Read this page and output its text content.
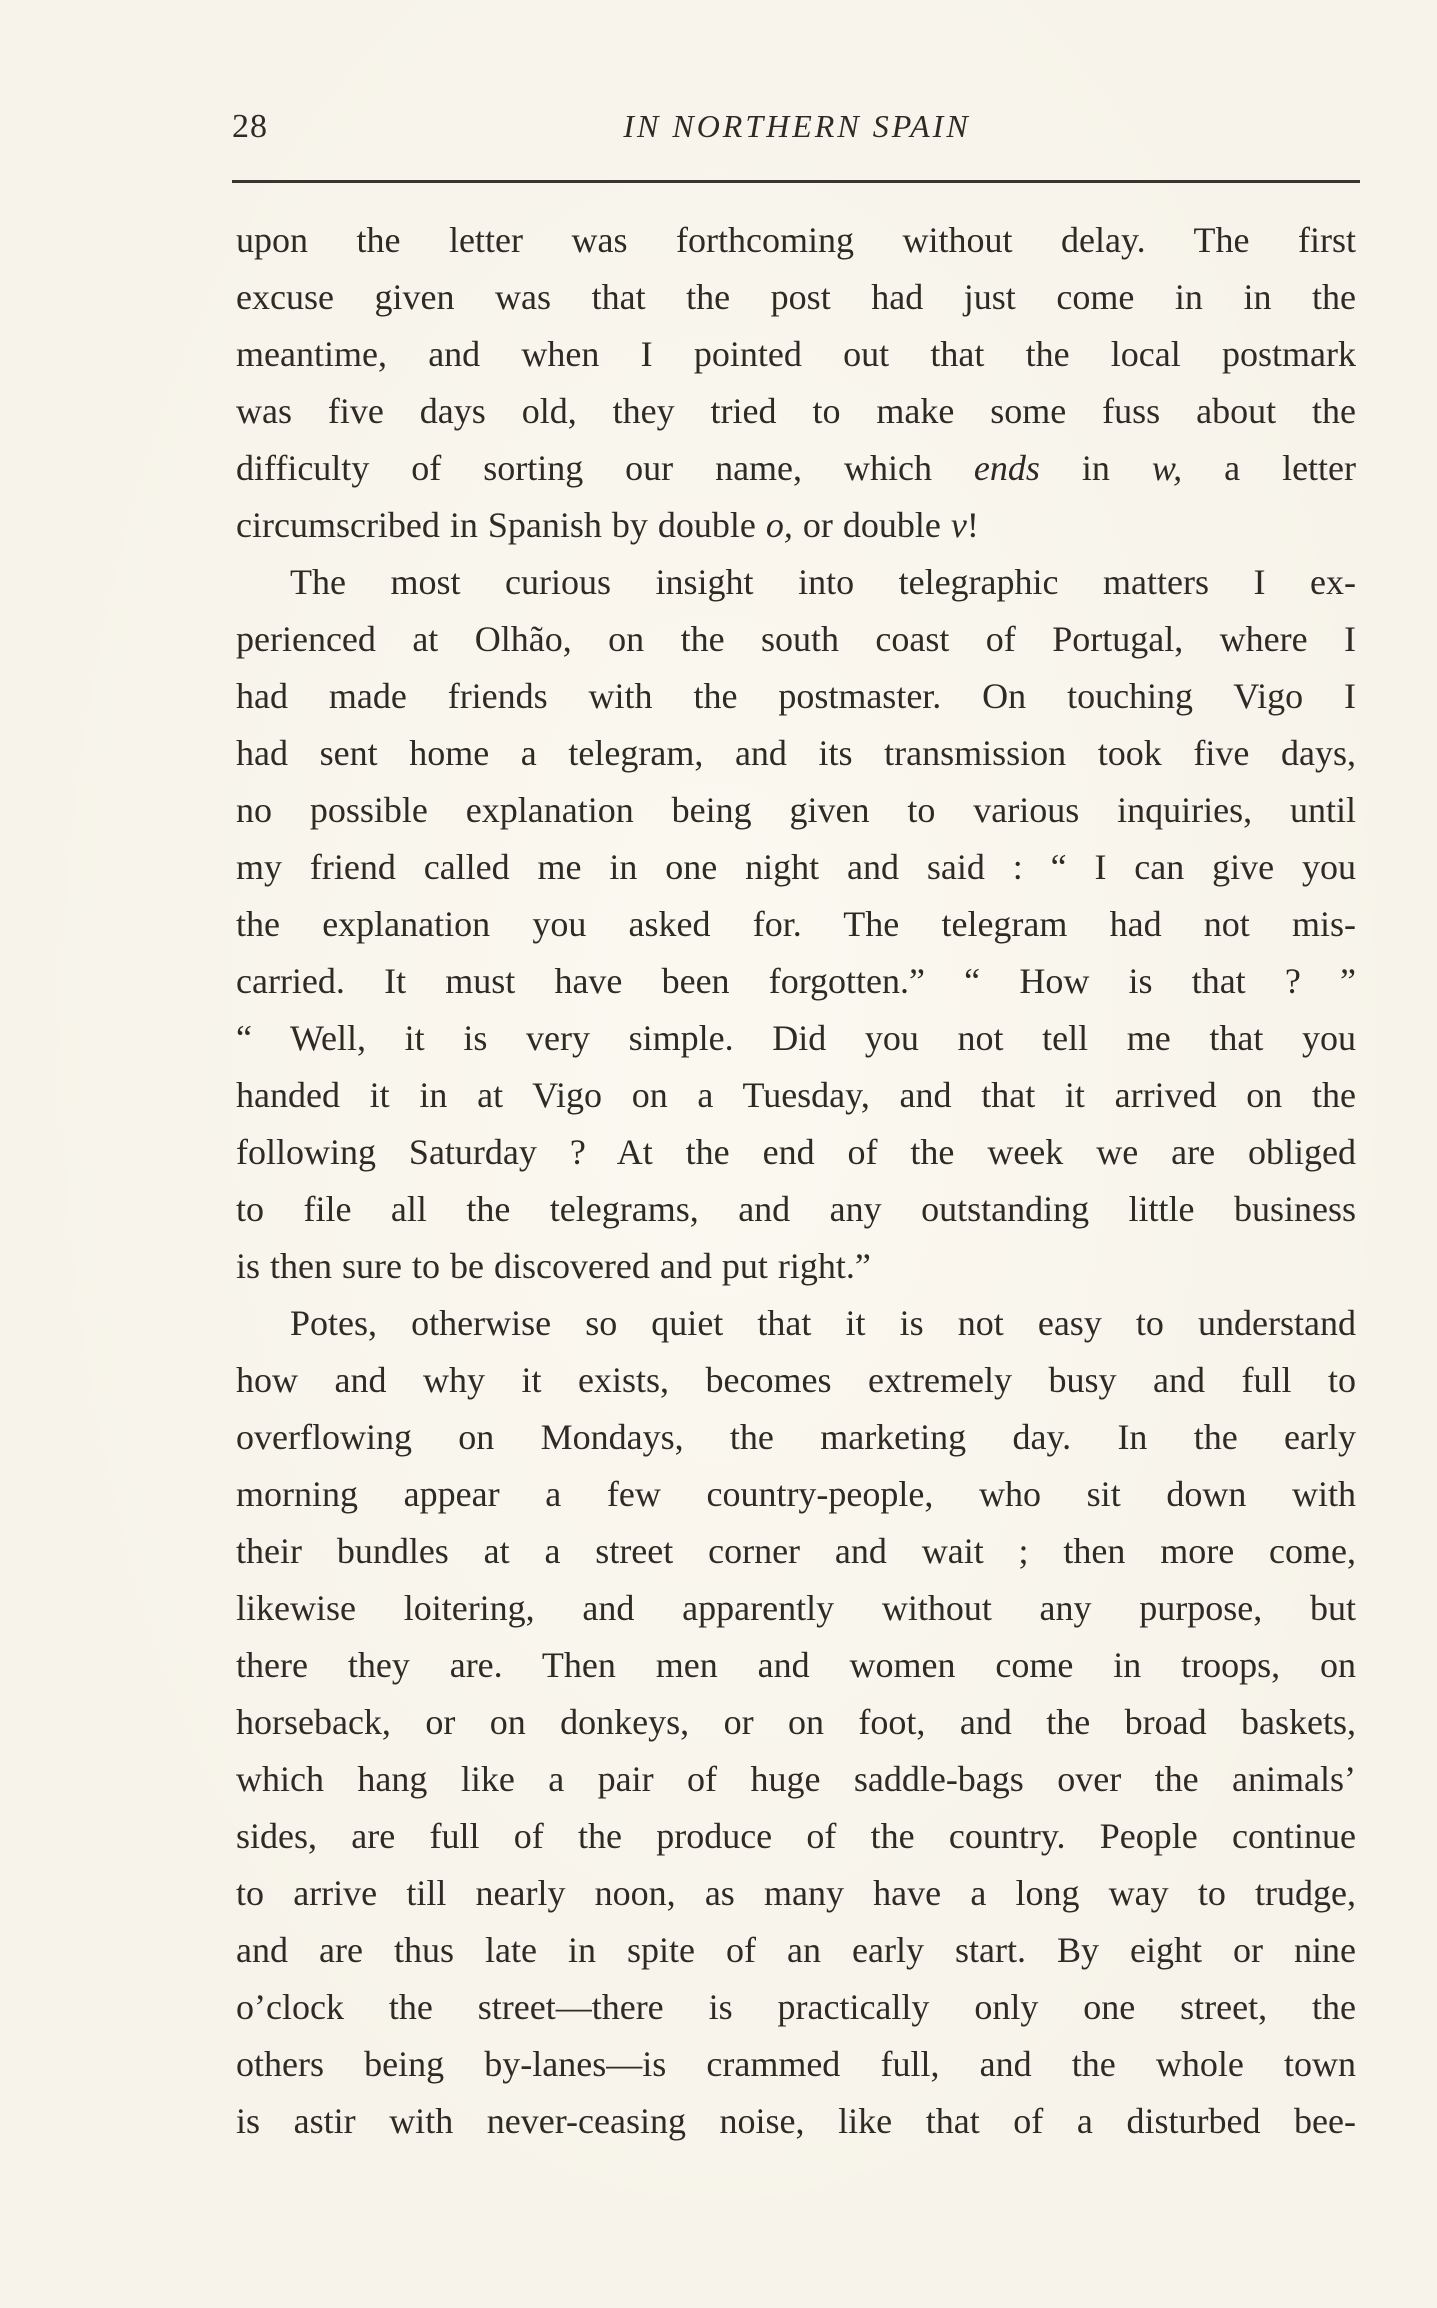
28	IN NORTHERN SPAIN
upon the letter was forthcoming without delay. The first
excuse given was that the post had just come in in the
meantime, and when I pointed out that the local postmark
was five days old, they tried to make some fuss about the
difficulty of sorting our name, which ends in w, a letter
circumscribed in Spanish by double o, or double v!
The most curious insight into telegraphic matters I ex-
perienced at Olhão, on the south coast of Portugal, where I
had made friends with the postmaster. On touching Vigo I
had sent home a telegram, and its transmission took five days,
no possible explanation being given to various inquiries, until
my friend called me in one night and said : “ I can give you
the explanation you asked for. The telegram had not mis-
carried. It must have been forgotten.” “ How is that ? ”
“ Well, it is very simple. Did you not tell me that you
handed it in at Vigo on a Tuesday, and that it arrived on the
following Saturday ? At the end of the week we are obliged
to file all the telegrams, and any outstanding little business
is then sure to be discovered and put right.”
Potes, otherwise so quiet that it is not easy to understand
how and why it exists, becomes extremely busy and full to
overflowing on Mondays, the marketing day. In the early
morning appear a few country-people, who sit down with
their bundles at a street corner and wait ; then more come,
likewise loitering, and apparently without any purpose, but
there they are. Then men and women come in troops, on
horseback, or on donkeys, or on foot, and the broad baskets,
which hang like a pair of huge saddle-bags over the animals’
sides, are full of the produce of the country. People continue
to arrive till nearly noon, as many have a long way to trudge,
and are thus late in spite of an early start. By eight or nine
o’clock the street—there is practically only one street, the
others being by-lanes—is crammed full, and the whole town
is astir with never-ceasing noise, like that of a disturbed bee-
